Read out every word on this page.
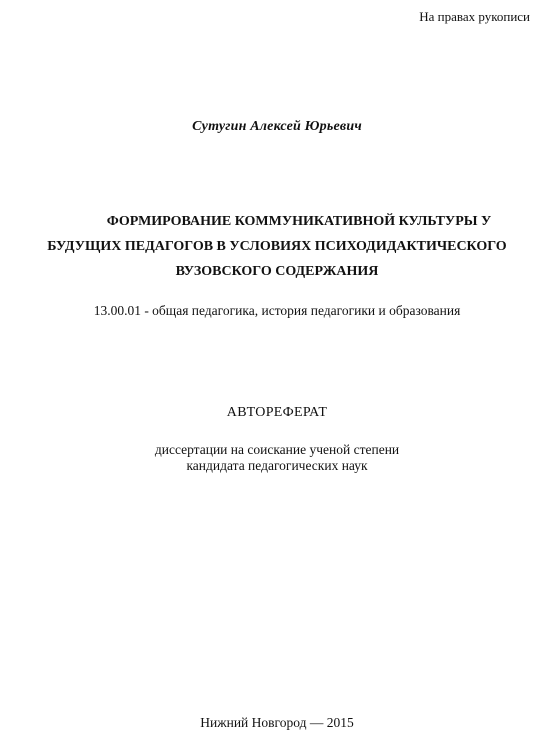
На правах рукописи
Сутугин Алексей Юрьевич
ФОРМИРОВАНИЕ КОММУНИКАТИВНОЙ КУЛЬТУРЫ У
БУДУЩИХ ПЕДАГОГОВ В УСЛОВИЯХ ПСИХОДИДАКТИЧЕСКОГО
ВУЗОВСКОГО СОДЕРЖАНИЯ
13.00.01 - общая педагогика, история педагогики и образования
АВТОРЕФЕРАТ
диссертации на соискание ученой степени
кандидата педагогических наук
Нижний Новгород — 2015
